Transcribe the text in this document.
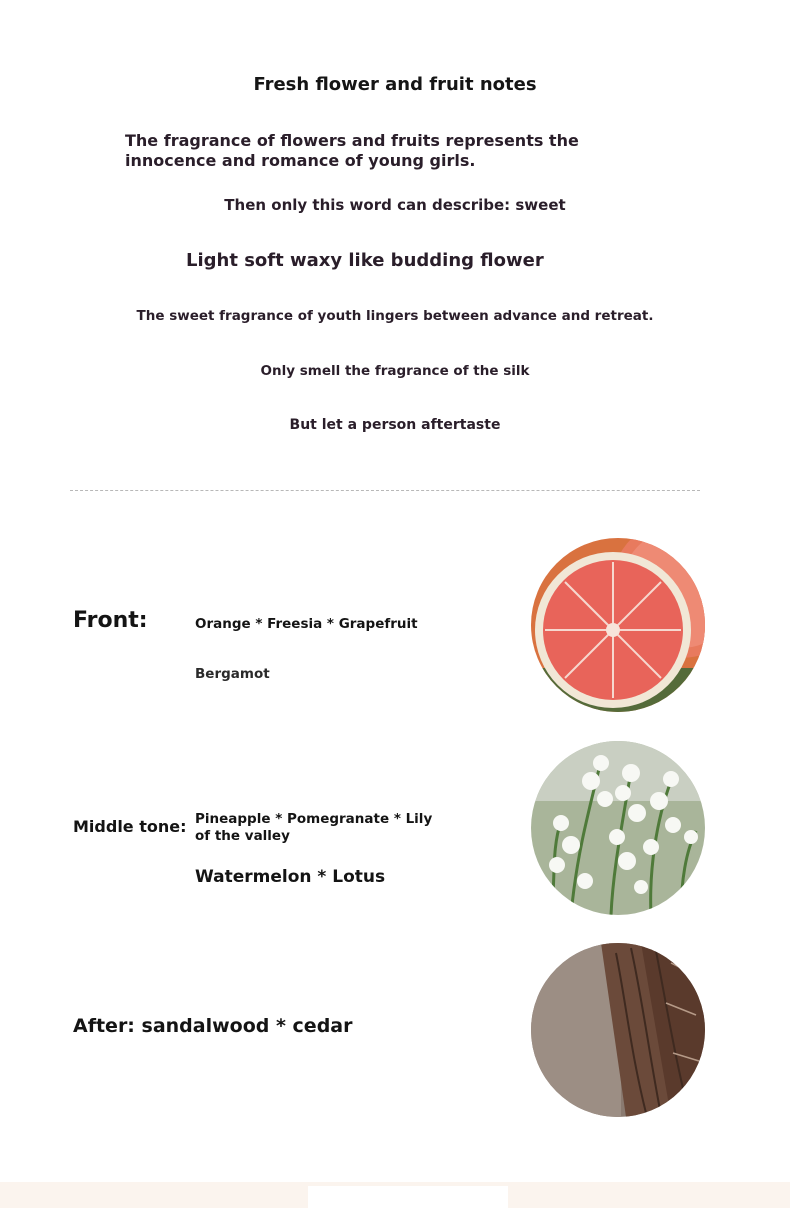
Fresh flower and fruit notes
The fragrance of flowers and fruits represents the innocence and romance of young girls.
Then only this word can describe: sweet
Light soft waxy like budding flower
The sweet fragrance of youth lingers between advance and retreat.
Only smell the fragrance of the silk
But let a person aftertaste
Front:	Orange * Freesia * Grapefruit
Bergamot
Middle tone: Pineapple * Pomegranate * Lily of the valley
Watermelon * Lotus
After: sandalwood * cedar
